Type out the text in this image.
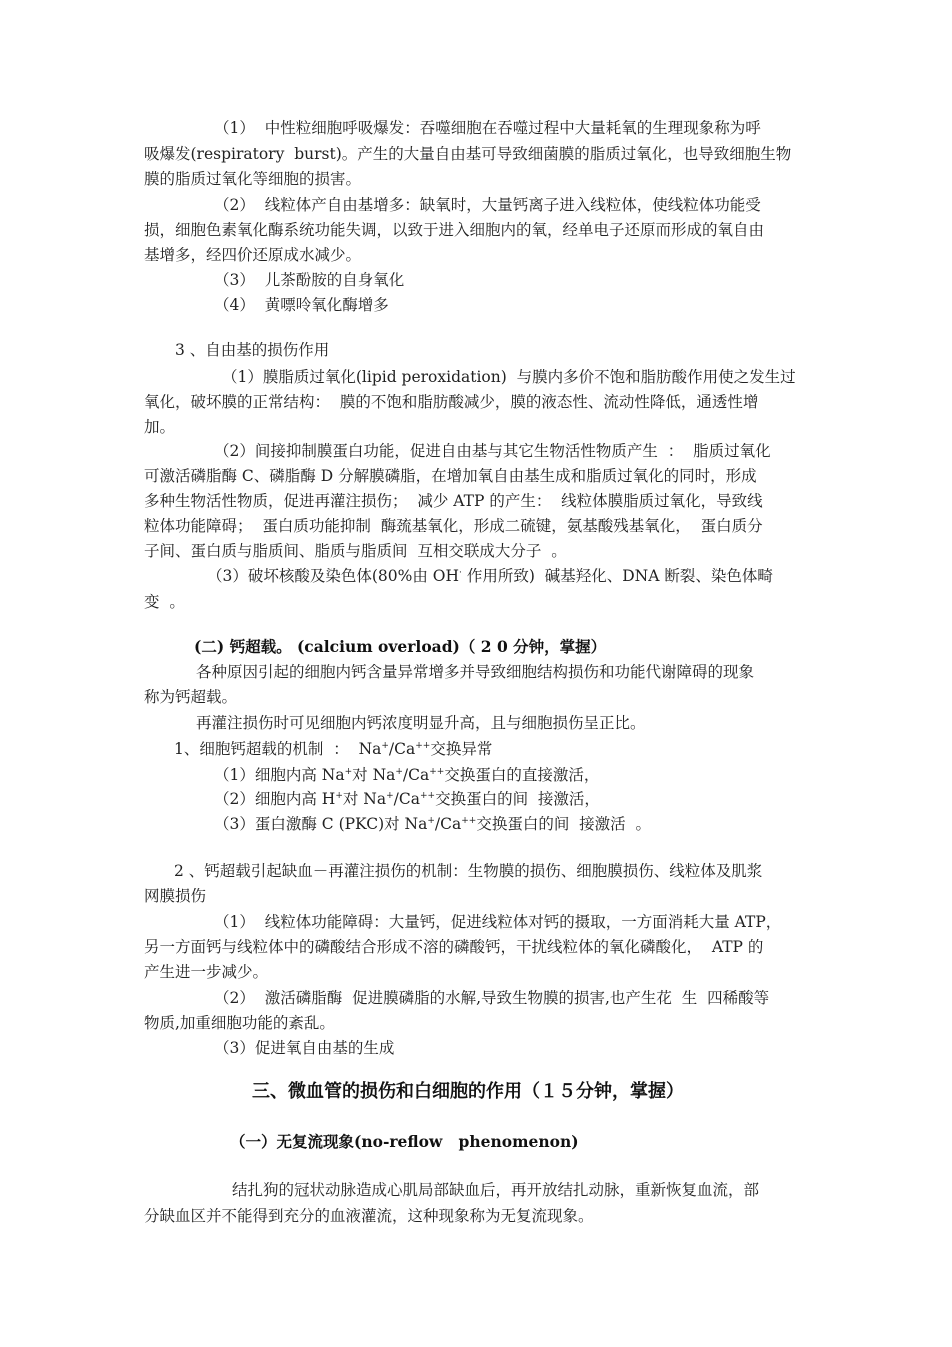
（1）  中性粒细胞呼吸爆发：吞噬细胞在吞噬过程中大量耗氧的生理现象称为呼
吸爆发(respiratory  burst)。产生的大量自由基可导致细菌膜的脂质过氧化，也导致细胞生物
膜的脂质过氧化等细胞的损害。
（2）  线粒体产自由基增多：缺氧时，大量钙离子进入线粒体，使线粒体功能受
损，细胞色素氧化酶系统功能失调，以致于进入细胞内的氧，经单电子还原而形成的氧自由
基增多，经四价还原成水减少。
（3）  儿茶酚胺的自身氧化
（4）  黄嘌呤氧化酶增多
3 、自由基的损伤作用
（1）膜脂质过氧化(lipid peroxidation)  与膜内多价不饱和脂肪酸作用使之发生过
氧化，破坏膜的正常结构：  膜的不饱和脂肪酸减少，膜的液态性、流动性降低，通透性增
加。
（2）间接抑制膜蛋白功能，促进自由基与其它生物活性物质产生  ：  脂质过氧化
可激活磷脂酶 C、磷脂酶 D 分解膜磷脂，在增加氧自由基生成和脂质过氧化的同时，形成
多种生物活性物质，促进再灌注损伤；  减少 ATP 的产生：  线粒体膜脂质过氧化，导致线
粒体功能障碍；  蛋白质功能抑制  酶巯基氧化，形成二硫键，氨基酸残基氧化，  蛋白质分
子间、蛋白质与脂质间、脂质与脂质间  互相交联成大分子  。
（3）破坏核酸及染色体(80%由 OH· 作用所致)  碱基羟化、DNA 断裂、染色体畸
变  。
(二) 钙超载。 (calcium overload)（ 2 0 分钟，掌握）
各种原因引起的细胞内钙含量异常增多并导致细胞结构损伤和功能代谢障碍的现象
称为钙超载。
再灌注损伤时可见细胞内钙浓度明显升高，且与细胞损伤呈正比。
1、细胞钙超载的机制  ：  Na+/Ca++交换异常
（1）细胞内高 Na+对 Na+/Ca++交换蛋白的直接激活，
（2）细胞内高 H+对 Na+/Ca++交换蛋白的间  接激活，
（3）蛋白激酶 C (PKC)对 Na+/Ca++交换蛋白的间  接激活  。
2 、钙超载引起缺血－再灌注损伤的机制：生物膜的损伤、细胞膜损伤、线粒体及肌浆
网膜损伤
（1）  线粒体功能障碍：大量钙，促进线粒体对钙的摄取，一方面消耗大量 ATP，
另一方面钙与线粒体中的磷酸结合形成不溶的磷酸钙，干扰线粒体的氧化磷酸化，  ATP 的
产生进一步减少。
（2）  激活磷脂酶  促进膜磷脂的水解,导致生物膜的损害,也产生花  生  四稀酸等
物质,加重细胞功能的紊乱。
（3）促进氧自由基的生成
三、微血管的损伤和白细胞的作用（１５分钟，掌握）
（一）无复流现象(no-reflow   phenomenon)
结扎狗的冠状动脉造成心肌局部缺血后，再开放结扎动脉，重新恢复血流，部
分缺血区并不能得到充分的血液灌流，这种现象称为无复流现象。
